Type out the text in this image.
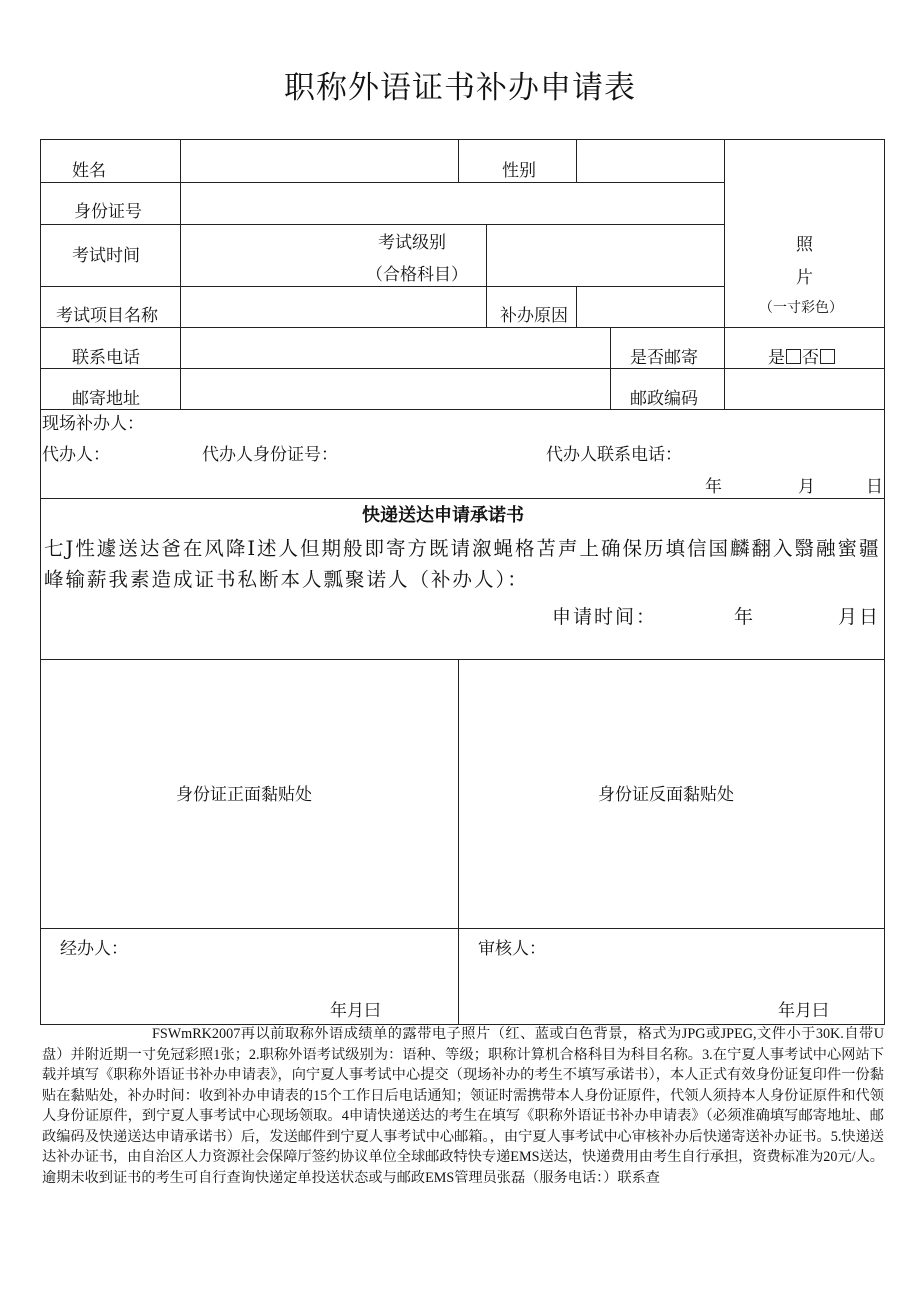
职称外语证书补办申请表
姓名	性别
身份证号
考试时间
考试级别
（合格科目）
考试项目名称	补办原因
照
片
（一寸彩色）
联系电话	是否邮寄	是 否
邮寄地址	邮政编码
现场补办人：
代办人：	代办人身份证号：	代办人联系电话：
年	月	日
快递送达申请承诺书
七J性遽送达爸在风降I述人但期般即寄方既请溆蝇格苫声上确保历填信国麟翻入翳融蜜疆峰输薪我素造成证书私断本人瓢聚诺人（补办人）：
申请时间：	年	月日
身份证正面黏贴处	身份证反面黏贴处
经办人：
年月曰
审核人：
年月曰
FSWmRK2007再以前取称外语成绩单的露带电子照片（红、蓝或白色背景，格式为JPG或JPEG,文件小于30K.自带U盘）并附近期一寸免冠彩照1张；2.职称外语考试级别为：语种、等级；职称计算机合格科目为科目名称。3.在宁夏人事考试中心网站下载并填写《职称外语证书补办申请表》，向宁夏人事考试中心提交（现场补办的考生不填写承诺书），本人正式有效身份证复印件一份黏贴在黏贴处，补办时间：收到补办申请表的15个工作日后电话通知；领证时需携带本人身份证原件，代领人须持本人身份证原件和代领人身份证原件，到宁夏人事考试中心现场领取。4申请快递送达的考生在填写《职称外语证书补办申请表》（必须准确填写邮寄地址、邮政编码及快递送达申请承诺书）后，发送邮件到宁夏人事考试中心邮箱。，由宁夏人事考试中心审核补办后快递寄送补办证书。5.快递送达补办证书，由自治区人力资源社会保障厅签约协议单位全球邮政特快专递EMS送达，快递费用由考生自行承担，资费标准为20元/人。逾期未收到证书的考生可自行查询快递定单投送状态或与邮政EMS管理员张磊（服务电话：）联系查
